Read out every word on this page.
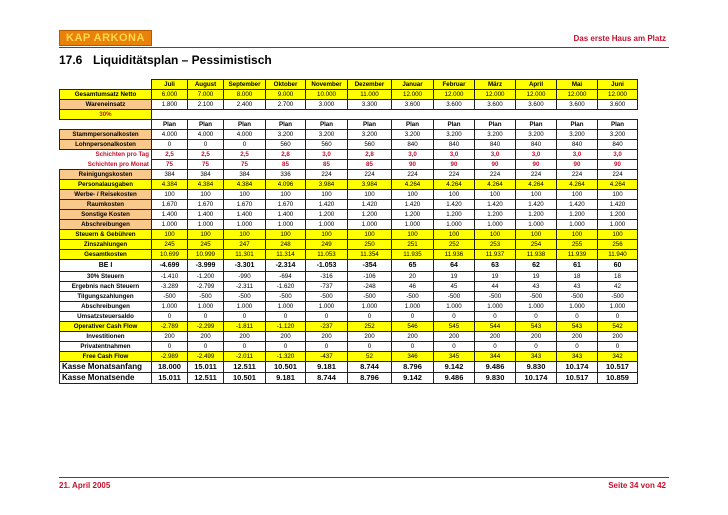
KAP ARKONA	Das erste Haus am Platz
17.6 Liquiditätsplan – Pessimistisch
	Juli	August	September	Oktober	November	Dezember	Januar	Februar	März	April	Mai	Juni
Gesamtumsatz Netto	6.000	7.000	8.000	9.000	10.000	11.000	12.000	12.000	12.000	12.000	12.000	12.000
Wareneinsatz	1.800	2.100	2.400	2.700	3.000	3.300	3.600	3.600	3.600	3.600	3.600	3.600
30%												
	Plan	Plan	Plan	Plan	Plan	Plan	Plan	Plan	Plan	Plan	Plan	Plan
Stammpersonalkosten	4.000	4.000	4.000	3.200	3.200	3.200	3.200	3.200	3.200	3.200	3.200	3.200
Lohnpersonalkosten	0	0	0	560	560	560	840	840	840	840	840	840
Schichten pro Tag	2,5	2,5	2,5	2,8	3,0	2,8	3,0	3,0	3,0	3,0	3,0	3,0
Schichten pro Monat	75	75	75	85	85	85	90	90	90	90	90	90
Reinigungskosten	384	384	384	336	224	224	224	224	224	224	224	224
Personalausgaben	4.384	4.384	4.384	4.096	3.984	3.984	4.264	4.264	4.264	4.264	4.264	4.264
Werbe- / Reisekosten	100	100	100	100	100	100	100	100	100	100	100	100
Raumkosten	1.670	1.670	1.670	1.670	1.420	1.420	1.420	1.420	1.420	1.420	1.420	1.420
Sonstige Kosten	1.400	1.400	1.400	1.400	1.200	1.200	1.200	1.200	1.200	1.200	1.200	1.200
Abschreibungen	1.000	1.000	1.000	1.000	1.000	1.000	1.000	1.000	1.000	1.000	1.000	1.000
Steuern & Gebühren	100	100	100	100	100	100	100	100	100	100	100	100
Zinszahlungen	245	245	247	248	249	250	251	252	253	254	255	256
Gesamtkosten	10.699	10.999	11.301	11.314	11.053	11.354	11.935	11.936	11.937	11.938	11.939	11.940
BE I	-4.699	-3.999	-3.301	-2.314	-1.053	-354	65	64	63	62	61	60
30% Steuern	-1.410	-1.200	-990	-694	-316	-106	20	19	19	19	18	18
Ergebnis nach Steuern	-3.289	-2.799	-2.311	-1.620	-737	-248	46	45	44	43	43	42
Tilgungszahlungen	-500	-500	-500	-500	-500	-500	-500	-500	-500	-500	-500	-500
Abschreibungen	1.000	1.000	1.000	1.000	1.000	1.000	1.000	1.000	1.000	1.000	1.000	1.000
Umsatzsteuersaldo	0	0	0	0	0	0	0	0	0	0	0	0
Operativer Cash Flow	-2.789	-2.299	-1.811	-1.120	-237	252	546	545	544	543	543	542
Investitionen	200	200	200	200	200	200	200	200	200	200	200	200
Privatentnahmen	0	0	0	0	0	0	0	0	0	0	0	0
Free Cash Flow	-2.989	-2.499	-2.011	-1.320	-437	52	346	345	344	343	343	342
Kasse Monatsanfang	18.000	15.011	12.511	10.501	9.181	8.744	8.796	9.142	9.486	9.830	10.174	10.517
Kasse Monatsende	15.011	12.511	10.501	9.181	8.744	8.796	9.142	9.486	9.830	10.174	10.517	10.859
21. April 2005	Seite 34 von 42
